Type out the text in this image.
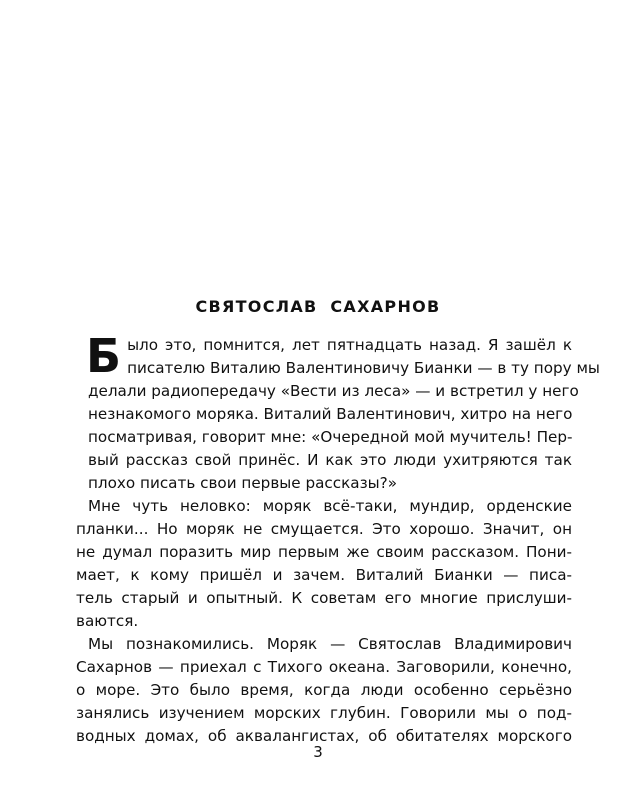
СВЯТОСЛАВ САХАРНОВ
Б ыло это, помнится, лет пятнадцать назад. Я зашёл к
писателю Виталию Валентиновичу Бианки — в ту пору мы
делали радиопередачу «Вести из леса» — и встретил у него
незнакомого моряка. Виталий Валентинович, хитро на него
посматривая, говорит мне: «Очередной мой мучитель! Пер-
вый рассказ свой принёс. И как это люди ухитряются так
плохо писать свои первые рассказы?»
Мне чуть неловко: моряк всё-таки, мундир, орденские
планки... Но моряк не смущается. Это хорошо. Значит, он
не думал поразить мир первым же своим рассказом. Пони-
мает, к кому пришёл и зачем. Виталий Бианки — писа-
тель старый и опытный. К советам его многие прислуши-
ваются.
Мы познакомились. Моряк — Святослав Владимирович
Сахарнов — приехал с Тихого океана. Заговорили, конечно,
о море. Это было время, когда люди особенно серьёзно
занялись изучением морских глубин. Говорили мы о под-
водных домах, об аквалангистах, об обитателях морского
3
